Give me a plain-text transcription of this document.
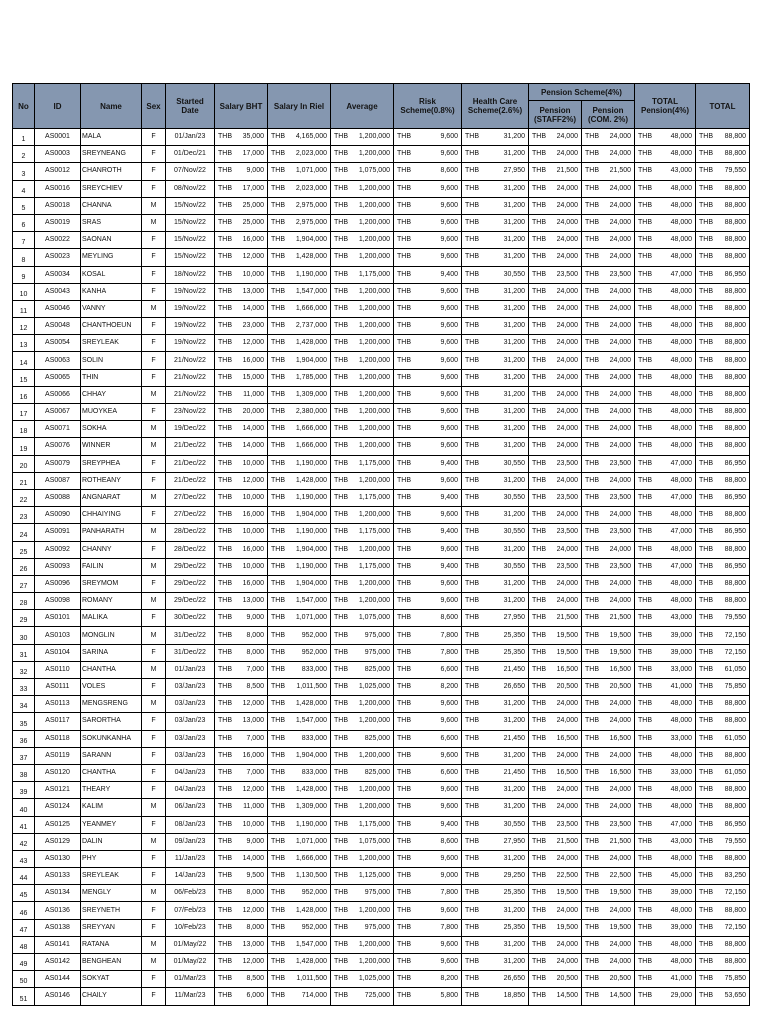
No	ID	Name	Sex	Started Date	Salary BHT	Salary In Riel	Average	Risk Scheme(0.8%)	Health Care Scheme(2.6%)	Pension Scheme(4%)		TOTAL Pension(4%)	TOTAL
										Pension (STAFF2%)	Pension (COM. 2%)		
1	AS0001	MALA	F	01/Jan/23	THB 35,000	THB 4,165,000	THB 1,200,000	THB 9,600	THB 31,200	THB 24,000	THB 24,000	THB 48,000	THB 88,800

2	AS0003	SREYNEANG	F	01/Dec/21	THB 17,000	THB 2,023,000	THB 1,200,000	THB 9,600	THB 31,200	THB 24,000	THB 24,000	THB 48,000	THB 88,800

3	AS0012	CHANROTH	F	07/Nov/22	THB 9,000	THB 1,071,000	THB 1,075,000	THB 8,600	THB 27,950	THB 21,500	THB 21,500	THB 43,000	THB 79,550

4	AS0016	SREYCHIEV	F	08/Nov/22	THB 17,000	THB 2,023,000	THB 1,200,000	THB 9,600	THB 31,200	THB 24,000	THB 24,000	THB 48,000	THB 88,800

5	AS0018	CHANNA	M	15/Nov/22	THB 25,000	THB 2,975,000	THB 1,200,000	THB 9,600	THB 31,200	THB 24,000	THB 24,000	THB 48,000	THB 88,800

6	AS0019	SRAS	M	15/Nov/22	THB 25,000	THB 2,975,000	THB 1,200,000	THB 9,600	THB 31,200	THB 24,000	THB 24,000	THB 48,000	THB 88,800

7	AS0022	SAONAN	F	15/Nov/22	THB 16,000	THB 1,904,000	THB 1,200,000	THB 9,600	THB 31,200	THB 24,000	THB 24,000	THB 48,000	THB 88,800

8	AS0023	MEYLING	F	15/Nov/22	THB 12,000	THB 1,428,000	THB 1,200,000	THB 9,600	THB 31,200	THB 24,000	THB 24,000	THB 48,000	THB 88,800

9	AS0034	KOSAL	F	18/Nov/22	THB 10,000	THB 1,190,000	THB 1,175,000	THB 9,400	THB 30,550	THB 23,500	THB 23,500	THB 47,000	THB 86,950

10	AS0043	KANHA	F	19/Nov/22	THB 13,000	THB 1,547,000	THB 1,200,000	THB 9,600	THB 31,200	THB 24,000	THB 24,000	THB 48,000	THB 88,800

11	AS0046	VANNY	M	19/Nov/22	THB 14,000	THB 1,666,000	THB 1,200,000	THB 9,600	THB 31,200	THB 24,000	THB 24,000	THB 48,000	THB 88,800

12	AS0048	CHANTHOEUN	F	19/Nov/22	THB 23,000	THB 2,737,000	THB 1,200,000	THB 9,600	THB 31,200	THB 24,000	THB 24,000	THB 48,000	THB 88,800

13	AS0054	SREYLEAK	F	19/Nov/22	THB 12,000	THB 1,428,000	THB 1,200,000	THB 9,600	THB 31,200	THB 24,000	THB 24,000	THB 48,000	THB 88,800

14	AS0063	SOLIN	F	21/Nov/22	THB 16,000	THB 1,904,000	THB 1,200,000	THB 9,600	THB 31,200	THB 24,000	THB 24,000	THB 48,000	THB 88,800

15	AS0065	THIN	F	21/Nov/22	THB 15,000	THB 1,785,000	THB 1,200,000	THB 9,600	THB 31,200	THB 24,000	THB 24,000	THB 48,000	THB 88,800

16	AS0066	CHHAY	M	21/Nov/22	THB 11,000	THB 1,309,000	THB 1,200,000	THB 9,600	THB 31,200	THB 24,000	THB 24,000	THB 48,000	THB 88,800

17	AS0067	MUOYKEA	F	23/Nov/22	THB 20,000	THB 2,380,000	THB 1,200,000	THB 9,600	THB 31,200	THB 24,000	THB 24,000	THB 48,000	THB 88,800

18	AS0071	SOKHA	M	19/Dec/22	THB 14,000	THB 1,666,000	THB 1,200,000	THB 9,600	THB 31,200	THB 24,000	THB 24,000	THB 48,000	THB 88,800

19	AS0076	WINNER	M	21/Dec/22	THB 14,000	THB 1,666,000	THB 1,200,000	THB 9,600	THB 31,200	THB 24,000	THB 24,000	THB 48,000	THB 88,800

20	AS0079	SREYPHEA	F	21/Dec/22	THB 10,000	THB 1,190,000	THB 1,175,000	THB 9,400	THB 30,550	THB 23,500	THB 23,500	THB 47,000	THB 86,950

21	AS0087	ROTHEANY	F	21/Dec/22	THB 12,000	THB 1,428,000	THB 1,200,000	THB 9,600	THB 31,200	THB 24,000	THB 24,000	THB 48,000	THB 88,800

22	AS0088	ANGNARAT	M	27/Dec/22	THB 10,000	THB 1,190,000	THB 1,175,000	THB 9,400	THB 30,550	THB 23,500	THB 23,500	THB 47,000	THB 86,950

23	AS0090	CHHAIYING	F	27/Dec/22	THB 16,000	THB 1,904,000	THB 1,200,000	THB 9,600	THB 31,200	THB 24,000	THB 24,000	THB 48,000	THB 88,800

24	AS0091	PANHARATH	M	28/Dec/22	THB 10,000	THB 1,190,000	THB 1,175,000	THB 9,400	THB 30,550	THB 23,500	THB 23,500	THB 47,000	THB 86,950

25	AS0092	CHANNY	F	28/Dec/22	THB 16,000	THB 1,904,000	THB 1,200,000	THB 9,600	THB 31,200	THB 24,000	THB 24,000	THB 48,000	THB 88,800

26	AS0093	FAILIN	M	29/Dec/22	THB 10,000	THB 1,190,000	THB 1,175,000	THB 9,400	THB 30,550	THB 23,500	THB 23,500	THB 47,000	THB 86,950

27	AS0096	SREYMOM	F	29/Dec/22	THB 16,000	THB 1,904,000	THB 1,200,000	THB 9,600	THB 31,200	THB 24,000	THB 24,000	THB 48,000	THB 88,800

28	AS0098	ROMANY	M	29/Dec/22	THB 13,000	THB 1,547,000	THB 1,200,000	THB 9,600	THB 31,200	THB 24,000	THB 24,000	THB 48,000	THB 88,800

29	AS0101	MALIKA	F	30/Dec/22	THB 9,000	THB 1,071,000	THB 1,075,000	THB 8,600	THB 27,950	THB 21,500	THB 21,500	THB 43,000	THB 79,550

30	AS0103	MONGLIN	M	31/Dec/22	THB 8,000	THB 952,000	THB 975,000	THB 7,800	THB 25,350	THB 19,500	THB 19,500	THB 39,000	THB 72,150

31	AS0104	SARINA	F	31/Dec/22	THB 8,000	THB 952,000	THB 975,000	THB 7,800	THB 25,350	THB 19,500	THB 19,500	THB 39,000	THB 72,150

32	AS0110	CHANTHA	M	01/Jan/23	THB 7,000	THB 833,000	THB 825,000	THB 6,600	THB 21,450	THB 16,500	THB 16,500	THB 33,000	THB 61,050

33	AS0111	VOLES	F	03/Jan/23	THB 8,500	THB 1,011,500	THB 1,025,000	THB 8,200	THB 26,650	THB 20,500	THB 20,500	THB 41,000	THB 75,850

34	AS0113	MENGSRENG	M	03/Jan/23	THB 12,000	THB 1,428,000	THB 1,200,000	THB 9,600	THB 31,200	THB 24,000	THB 24,000	THB 48,000	THB 88,800

35	AS0117	SARORTHA	F	03/Jan/23	THB 13,000	THB 1,547,000	THB 1,200,000	THB 9,600	THB 31,200	THB 24,000	THB 24,000	THB 48,000	THB 88,800

36	AS0118	SOKUNKANHA	F	03/Jan/23	THB 7,000	THB 833,000	THB 825,000	THB 6,600	THB 21,450	THB 16,500	THB 16,500	THB 33,000	THB 61,050

37	AS0119	SARANN	F	03/Jan/23	THB 16,000	THB 1,904,000	THB 1,200,000	THB 9,600	THB 31,200	THB 24,000	THB 24,000	THB 48,000	THB 88,800

38	AS0120	CHANTHA	F	04/Jan/23	THB 7,000	THB 833,000	THB 825,000	THB 6,600	THB 21,450	THB 16,500	THB 16,500	THB 33,000	THB 61,050

39	AS0121	THEARY	F	04/Jan/23	THB 12,000	THB 1,428,000	THB 1,200,000	THB 9,600	THB 31,200	THB 24,000	THB 24,000	THB 48,000	THB 88,800

40	AS0124	KALIM	M	06/Jan/23	THB 11,000	THB 1,309,000	THB 1,200,000	THB 9,600	THB 31,200	THB 24,000	THB 24,000	THB 48,000	THB 88,800

41	AS0125	YEANMEY	F	08/Jan/23	THB 10,000	THB 1,190,000	THB 1,175,000	THB 9,400	THB 30,550	THB 23,500	THB 23,500	THB 47,000	THB 86,950

42	AS0129	DALIN	M	09/Jan/23	THB 9,000	THB 1,071,000	THB 1,075,000	THB 8,600	THB 27,950	THB 21,500	THB 21,500	THB 43,000	THB 79,550

43	AS0130	PHY	F	11/Jan/23	THB 14,000	THB 1,666,000	THB 1,200,000	THB 9,600	THB 31,200	THB 24,000	THB 24,000	THB 48,000	THB 88,800

44	AS0133	SREYLEAK	F	14/Jan/23	THB 9,500	THB 1,130,500	THB 1,125,000	THB 9,000	THB 29,250	THB 22,500	THB 22,500	THB 45,000	THB 83,250

45	AS0134	MENGLY	M	06/Feb/23	THB 8,000	THB 952,000	THB 975,000	THB 7,800	THB 25,350	THB 19,500	THB 19,500	THB 39,000	THB 72,150

46	AS0136	SREYNETH	F	07/Feb/23	THB 12,000	THB 1,428,000	THB 1,200,000	THB 9,600	THB 31,200	THB 24,000	THB 24,000	THB 48,000	THB 88,800

47	AS0138	SREYYAN	F	10/Feb/23	THB 8,000	THB 952,000	THB 975,000	THB 7,800	THB 25,350	THB 19,500	THB 19,500	THB 39,000	THB 72,150

48	AS0141	RATANA	M	01/May/22	THB 13,000	THB 1,547,000	THB 1,200,000	THB 9,600	THB 31,200	THB 24,000	THB 24,000	THB 48,000	THB 88,800

49	AS0142	BENGHEAN	M	01/May/22	THB 12,000	THB 1,428,000	THB 1,200,000	THB 9,600	THB 31,200	THB 24,000	THB 24,000	THB 48,000	THB 88,800

50	AS0144	SOKYAT	F	01/Mar/23	THB 8,500	THB 1,011,500	THB 1,025,000	THB 8,200	THB 26,650	THB 20,500	THB 20,500	THB 41,000	THB 75,850

51	AS0146	CHAILY	F	11/Mar/23	THB 6,000	THB 714,000	THB 725,000	THB 5,800	THB 18,850	THB 14,500	THB 14,500	THB 29,000	THB 53,650
